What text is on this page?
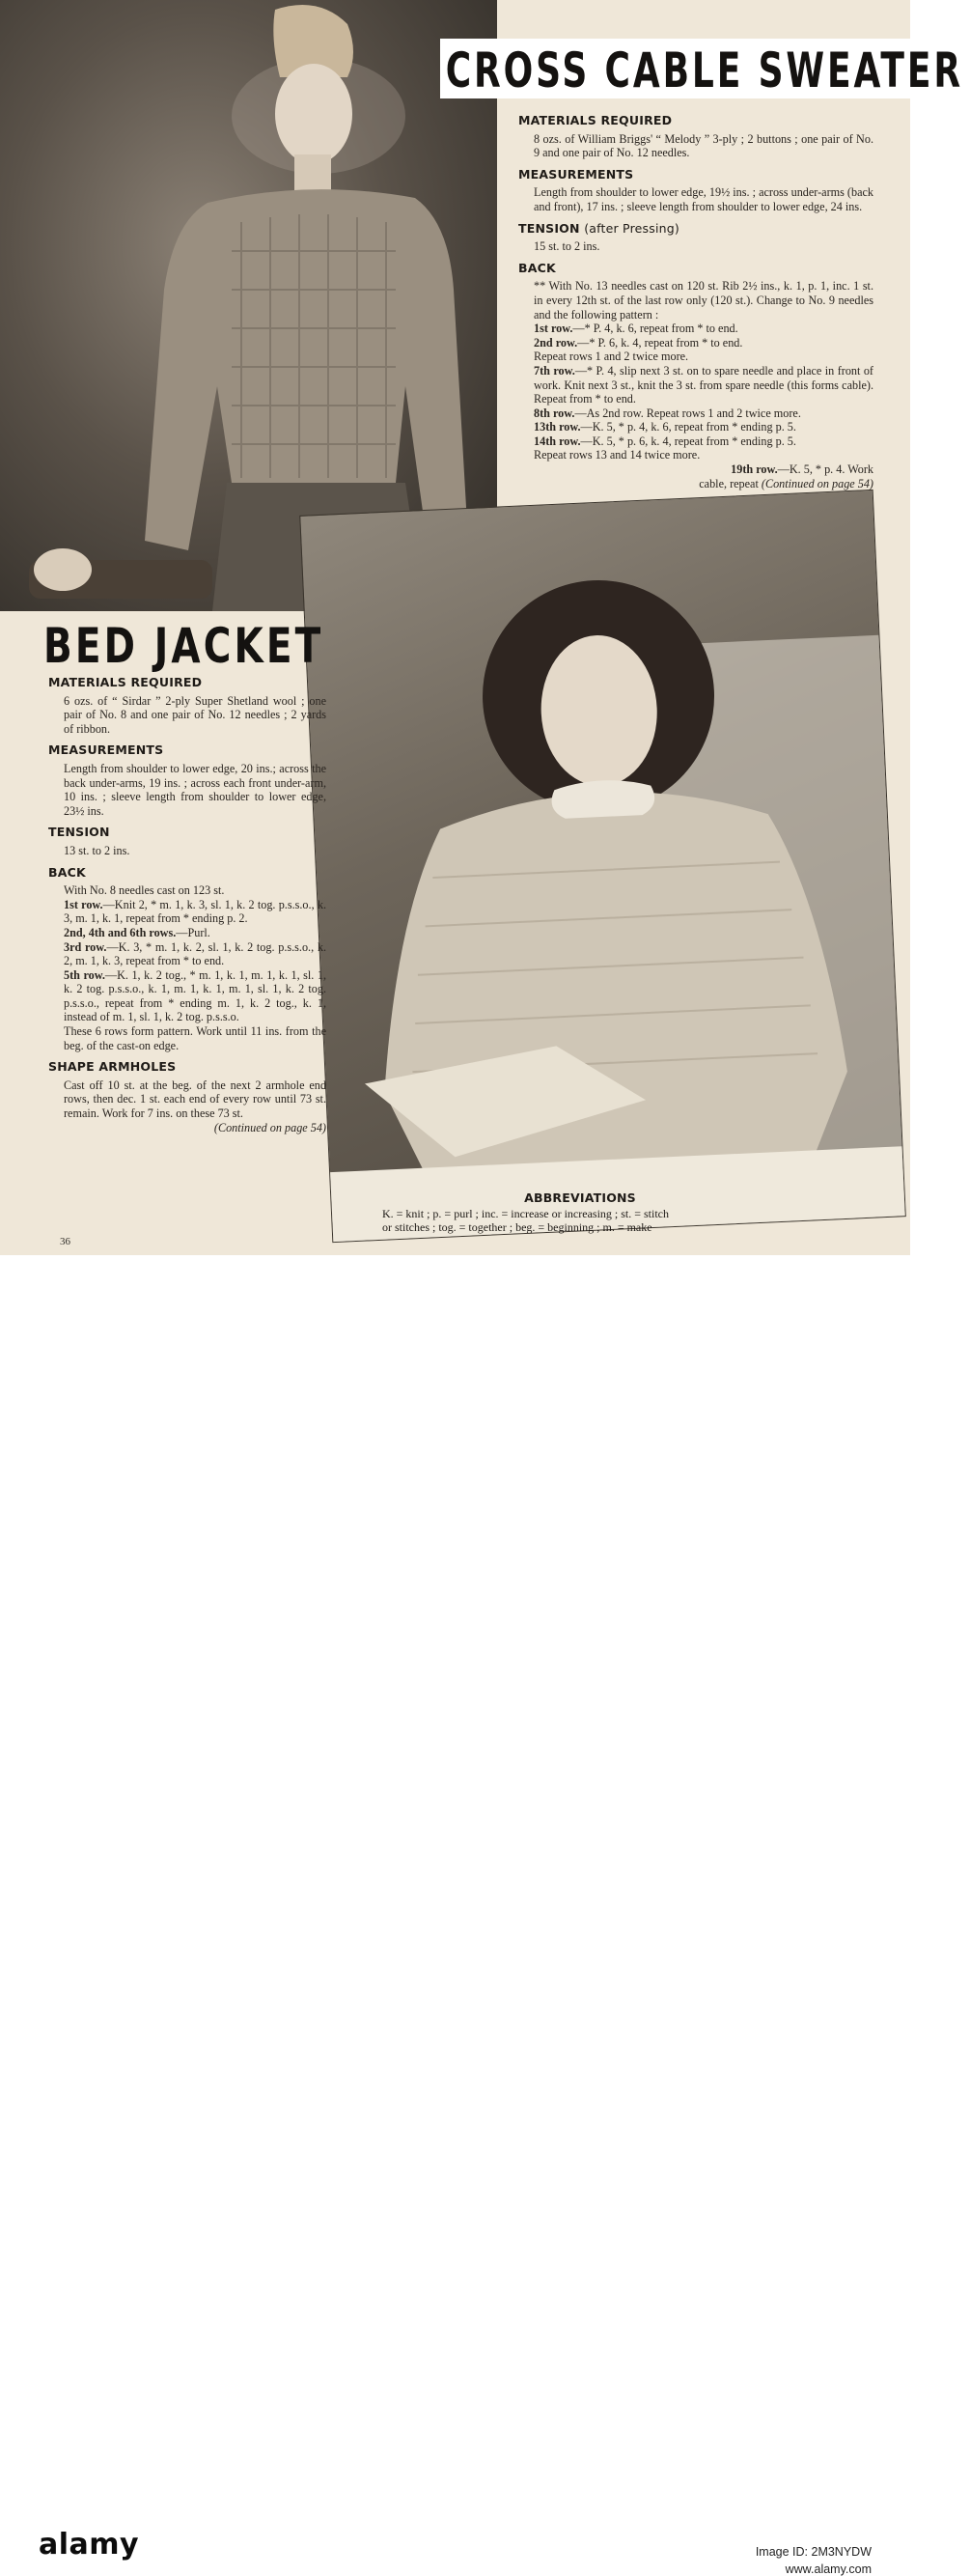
CROSS CABLE SWEATER
BED JACKET
MATERIALS REQUIRED
8 ozs. of William Briggs' “ Melody ” 3-ply ; 2 buttons ; one pair of No. 9 and one pair of No. 12 needles.
MEASUREMENTS
Length from shoulder to lower edge, 19½ ins. ; across under-arms (back and front), 17 ins. ; sleeve length from shoulder to lower edge, 24 ins.
TENSION (after Pressing)
15 st. to 2 ins.
BACK
** With No. 13 needles cast on 120 st. Rib 2½ ins., k. 1, p. 1, inc. 1 st. in every 12th st. of the last row only (120 st.). Change to No. 9 needles and the following pattern :
1st row.—* P. 4, k. 6, repeat from * to end.
2nd row.—* P. 6, k. 4, repeat from * to end.
Repeat rows 1 and 2 twice more.
7th row.—* P. 4, slip next 3 st. on to spare needle and place in front of work. Knit next 3 st., knit the 3 st. from spare needle (this forms cable). Repeat from * to end.
8th row.—As 2nd row. Repeat rows 1 and 2 twice more.
13th row.—K. 5, * p. 4, k. 6, repeat from * ending p. 5.
14th row.—K. 5, * p. 6, k. 4, repeat from * ending p. 5.
Repeat rows 13 and 14 twice more.
19th row.—K. 5, * p. 4. Work
cable, repeat (Continued on page 54)
MATERIALS REQUIRED
6 ozs. of “ Sirdar ” 2-ply Super Shetland wool ; one pair of No. 8 and one pair of No. 12 needles ; 2 yards of ribbon.
MEASUREMENTS
Length from shoulder to lower edge, 20 ins.; across the back under-arms, 19 ins. ; across each front under-arm, 10 ins. ; sleeve length from shoulder to lower edge, 23½ ins.
TENSION
13 st. to 2 ins.
BACK
With No. 8 needles cast on 123 st.
1st row.—Knit 2, * m. 1, k. 3, sl. 1, k. 2 tog. p.s.s.o., k. 3, m. 1, k. 1, repeat from * ending p. 2.
2nd, 4th and 6th rows.—Purl.
3rd row.—K. 3, * m. 1, k. 2, sl. 1, k. 2 tog. p.s.s.o., k. 2, m. 1, k. 3, repeat from * to end.
5th row.—K. 1, k. 2 tog., * m. 1, k. 1, m. 1, k. 1, sl. 1, k. 2 tog. p.s.s.o., k. 1, m. 1, k. 1, m. 1, sl. 1, k. 2 tog. p.s.s.o., repeat from * ending m. 1, k. 2 tog., k. 1, instead of m. 1, sl. 1, k. 2 tog. p.s.s.o.
These 6 rows form pattern. Work until 11 ins. from the beg. of the cast-on edge.
SHAPE ARMHOLES
Cast off 10 st. at the beg. of the next 2 armhole end rows, then dec. 1 st. each end of every row until 73 st. remain. Work for 7 ins. on these 73 st.
(Continued on page 54)
ABBREVIATIONS
K. = knit ; p. = purl ; inc. = increase or increasing ; st. = stitch
or stitches ; tog. = together ; beg. = beginning ; m. = make
36
alamy	Image ID: 2M3NYDW
www.alamy.com
